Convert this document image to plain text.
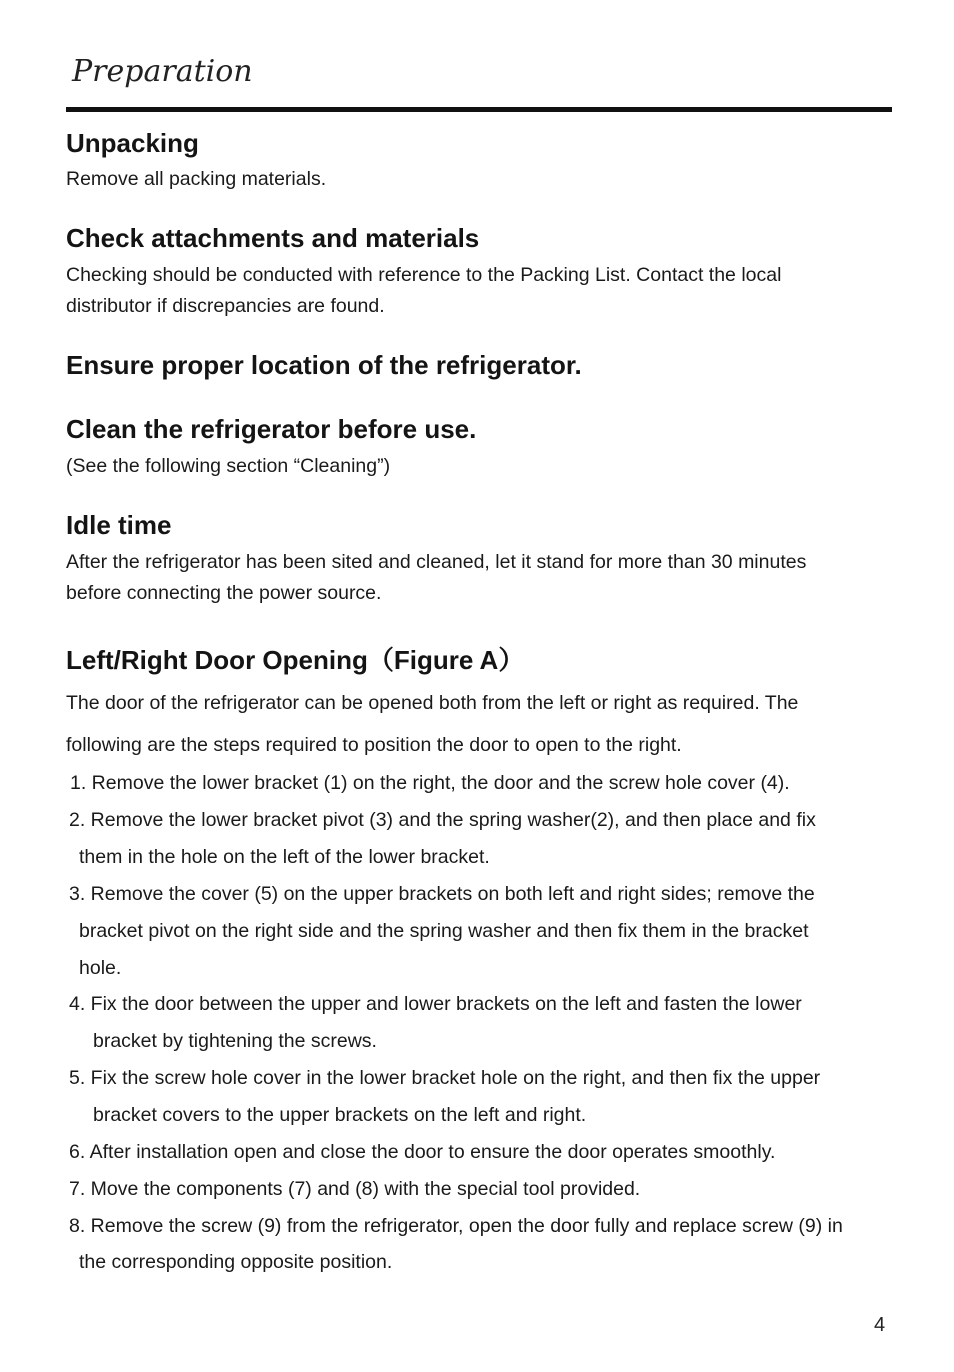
Preparation
Unpacking

Remove all packing materials.

Check attachments and materials

Checking should be conducted with reference to the Packing List. Contact the local

distributor if discrepancies are found.

Ensure proper location of the refrigerator.
Clean the refrigerator before use.

(See the following section “Cleaning”)

Idle time

After the refrigerator has been sited and cleaned, let it stand for more than 30 minutes

before connecting the power source.

Left/Right Door Opening（Figure A）

The door of the refrigerator can be opened both from the left or right as required. The

following are the steps required to position the door to open to the right.

1. Remove the lower bracket (1) on the right, the door and the screw hole cover (4).

2. Remove the lower bracket pivot (3) and the spring washer(2), and then place and fix

them in the hole on the left of the lower bracket.

3. Remove the cover (5) on the upper brackets on both left and right sides; remove the

bracket pivot on the right side and the spring washer and then fix them in the bracket

hole.

4. Fix the door between the upper and lower brackets on the left and fasten the lower

bracket by tightening the screws.

5. Fix the screw hole cover in the lower bracket hole on the right, and then fix the upper

bracket covers to the upper brackets on the left and right.

6. After installation open and close the door to ensure the door operates smoothly.

7. Move the components (7) and (8) with the special tool provided.

8. Remove the screw (9) from the refrigerator, open the door fully and replace screw (9) in

the corresponding opposite position.

4
